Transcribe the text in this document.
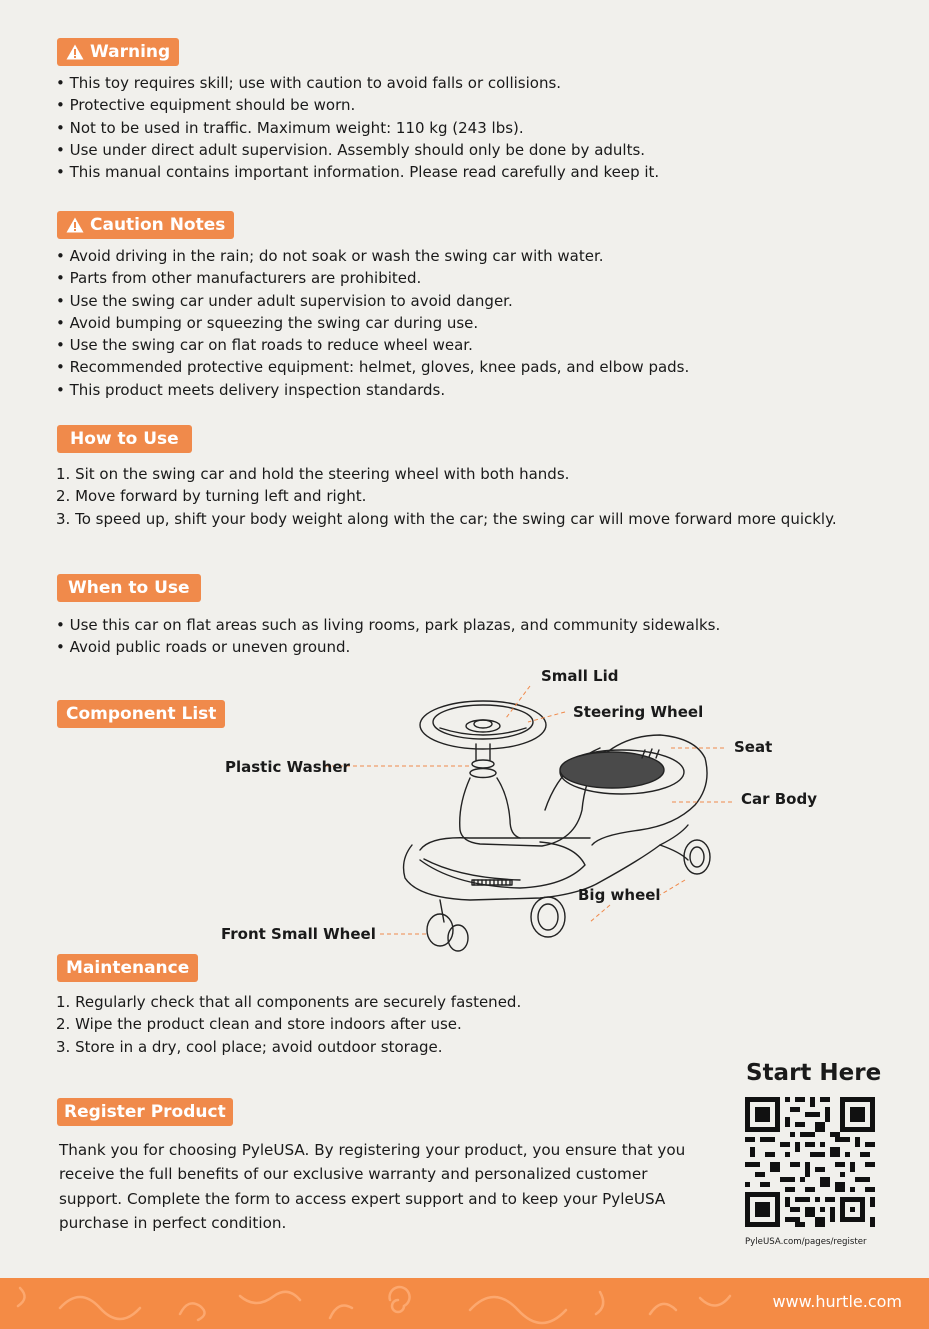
Warning
• This toy requires skill; use with caution to avoid falls or collisions.
• Protective equipment should be worn.
• Not to be used in traffic. Maximum weight: 110 kg (243 lbs).
• Use under direct adult supervision. Assembly should only be done by adults.
• This manual contains important information. Please read carefully and keep it.
Caution Notes
• Avoid driving in the rain; do not soak or wash the swing car with water.
• Parts from other manufacturers are prohibited.
• Use the swing car under adult supervision to avoid danger.
• Avoid bumping or squeezing the swing car during use.
• Use the swing car on flat roads to reduce wheel wear.
• Recommended protective equipment: helmet, gloves, knee pads, and elbow pads.
• This product meets delivery inspection standards.
How to Use
Sit on the swing car and hold the steering wheel with both hands.
Move forward by turning left and right.
To speed up, shift your body weight along with the car; the swing car will move forward more quickly.
When to Use
• Use this car on flat areas such as living rooms, park plazas, and community sidewalks.
• Avoid public roads or uneven ground.
Component List
Small Lid
Steering Wheel
Seat
Plastic Washer
Car Body
Big wheel
Front Small Wheel
Maintenance
Regularly check that all components are securely fastened.
Wipe the product clean and store indoors after use.
Store in a dry, cool place; avoid outdoor storage.
Register Product
Thank you for choosing PyleUSA. By registering your product, you ensure that you receive the full benefits of our exclusive warranty and personalized customer support. Complete the form to access expert support and to keep your PyleUSA purchase in perfect condition.
Start Here
PyleUSA.com/pages/register
www.hurtle.com
